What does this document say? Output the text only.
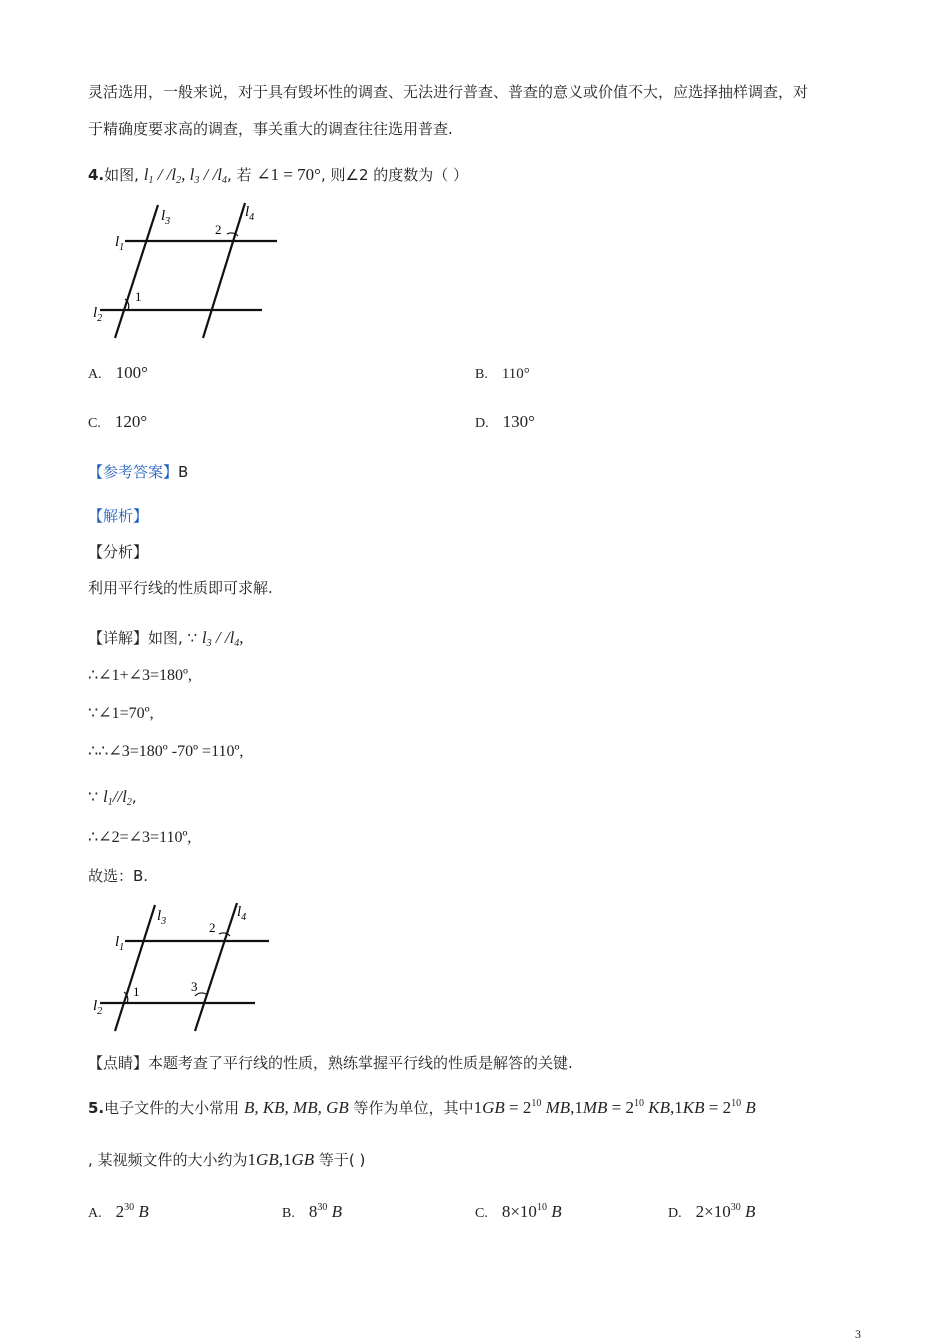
灵活选用，一般来说，对于具有毁坏性的调查、无法进行普查、普查的意义或价值不大，应选择抽样调查，对
于精确度要求高的调查，事关重大的调查往往选用普查.
4.如图, $l_1 / /l_2$, $l_3 / /l_4$, 若 ∠1 = 70°, 则∠2 的度数为（ ）
$l_3$
$l_4$
$l_1$
$l_2$
1
2
A. 100°	B. 110°
C. 120°	D. 130°
【参考答案】B
【解析】
【分析】
利用平行线的性质即可求解.
【详解】如图, ∵ $l_3 / /l_4$,
∴∠1+∠3=180º,
∵∠1=70º,
∴∴∠3=180º -70º =110º,
∵ $l_1//l_2$,
∴∠2=∠3=110º,
故选：B.
$l_3$
$l_4$
$l_1$
$l_2$
1
2
3
【点睛】本题考查了平行线的性质，熟练掌握平行线的性质是解答的关键.
5.电子文件的大小常用 B, KB, MB, GB 等作为单位，其中$1GB = 2^{10}$ $MB,1MB = 2^{10}$ $KB,1KB = 2^{10}$ B
, 某视频文件的大小约为1GB,1GB 等于( )
A. $2^{30}$ B	B. $8^{30}$ B	C. $8\times 10^{10}$ B	D. $2\times 10^{30}$ B
3
